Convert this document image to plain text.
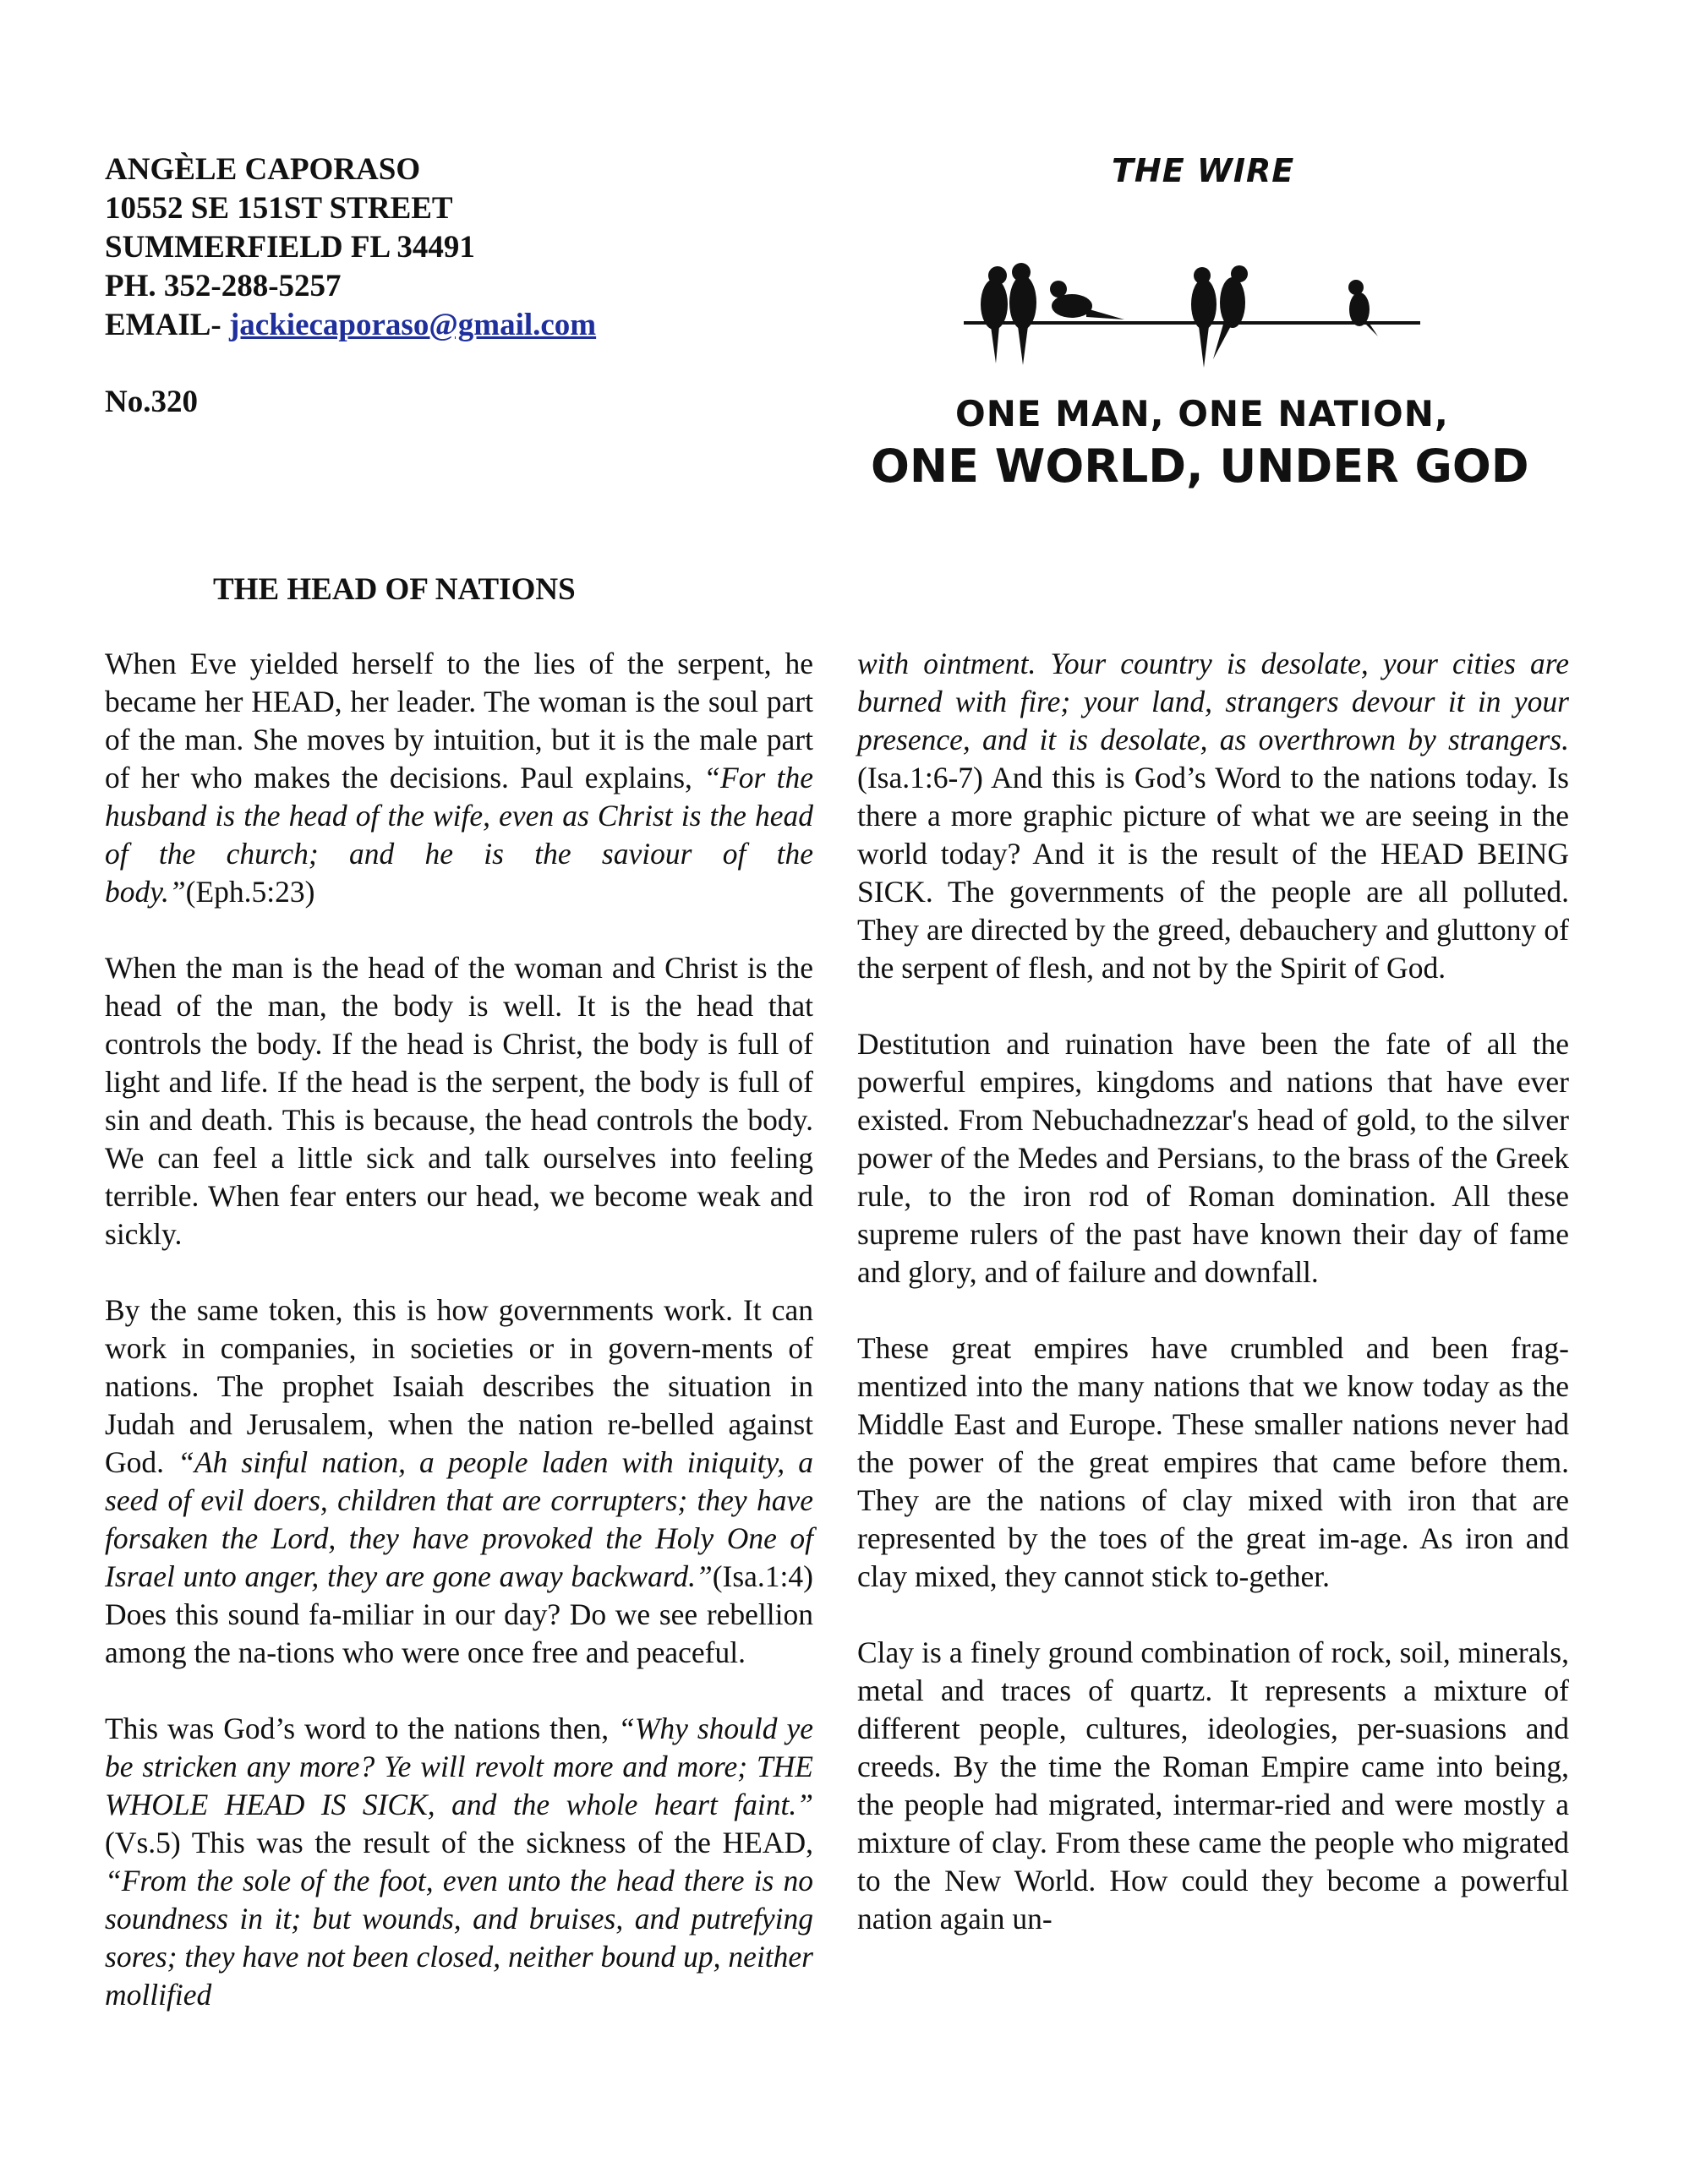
ANGÈLE CAPORASO
10552 SE 151ST STREET
SUMMERFIELD FL 34491
PH. 352-288-5257
EMAIL- jackiecaporaso@gmail.com
No.320
THE WIRE
ONE MAN, ONE NATION,
ONE WORLD, UNDER GOD
THE HEAD OF NATIONS

When Eve yielded herself to the lies of the serpent, he became her HEAD, her leader. The woman is the soul part of the man. She moves by intuition, but it is the male part of her who makes the decisions. Paul explains, “For the husband is the head of the wife, even as Christ is the head of the church; and he is the saviour of the body.”(Eph.5:23)

When the man is the head of the woman and Christ is the head of the man, the body is well. It is the head that controls the body. If the head is Christ, the body is full of light and life. If the head is the serpent, the body is full of sin and death. This is because, the head controls the body. We can feel a little sick and talk ourselves into feeling terrible. When fear enters our head, we become weak and sickly.

By the same token, this is how governments work. It can work in companies, in societies or in govern-ments of nations. The prophet Isaiah describes the situation in Judah and Jerusalem, when the nation re-belled against God. “Ah sinful nation, a people laden with iniquity, a seed of evil doers, children that are corrupters; they have forsaken the Lord, they have provoked the Holy One of Israel unto anger, they are gone away backward.”(Isa.1:4) Does this sound fa-miliar in our day? Do we see rebellion among the na-tions who were once free and peaceful.

This was God’s word to the nations then, “Why should ye be stricken any more? Ye will revolt more and more; THE WHOLE HEAD IS SICK, and the whole heart faint.” (Vs.5) This was the result of the sickness of the HEAD, “From the sole of the foot, even unto the head there is no soundness in it; but wounds, and bruises, and putrefying sores; they have not been closed, neither bound up, neither mollified

with ointment. Your country is desolate, your cities are burned with fire; your land, strangers devour it in your presence, and it is desolate, as overthrown by strangers.(Isa.1:6-7) And this is God’s Word to the nations today. Is there a more graphic picture of what we are seeing in the world today? And it is the result of the HEAD BEING SICK. The governments of the people are all polluted. They are directed by the greed, debauchery and gluttony of the serpent of flesh, and not by the Spirit of God.

Destitution and ruination have been the fate of all the powerful empires, kingdoms and nations that have ever existed. From Nebuchadnezzar's head of gold, to the silver power of the Medes and Persians, to the brass of the Greek rule, to the iron rod of Roman domination. All these supreme rulers of the past have known their day of fame and glory, and of failure and downfall.

These great empires have crumbled and been frag-mentized into the many nations that we know today as the Middle East and Europe. These smaller nations never had the power of the great empires that came before them. They are the nations of clay mixed with iron that are represented by the toes of the great im-age. As iron and clay mixed, they cannot stick to-gether.

Clay is a finely ground combination of rock, soil, minerals, metal and traces of quartz. It represents a mixture of different people, cultures, ideologies, per-suasions and creeds. By the time the Roman Empire came into being, the people had migrated, intermar-ried and were mostly a mixture of clay. From these came the people who migrated to the New World. How could they become a powerful nation again un-
